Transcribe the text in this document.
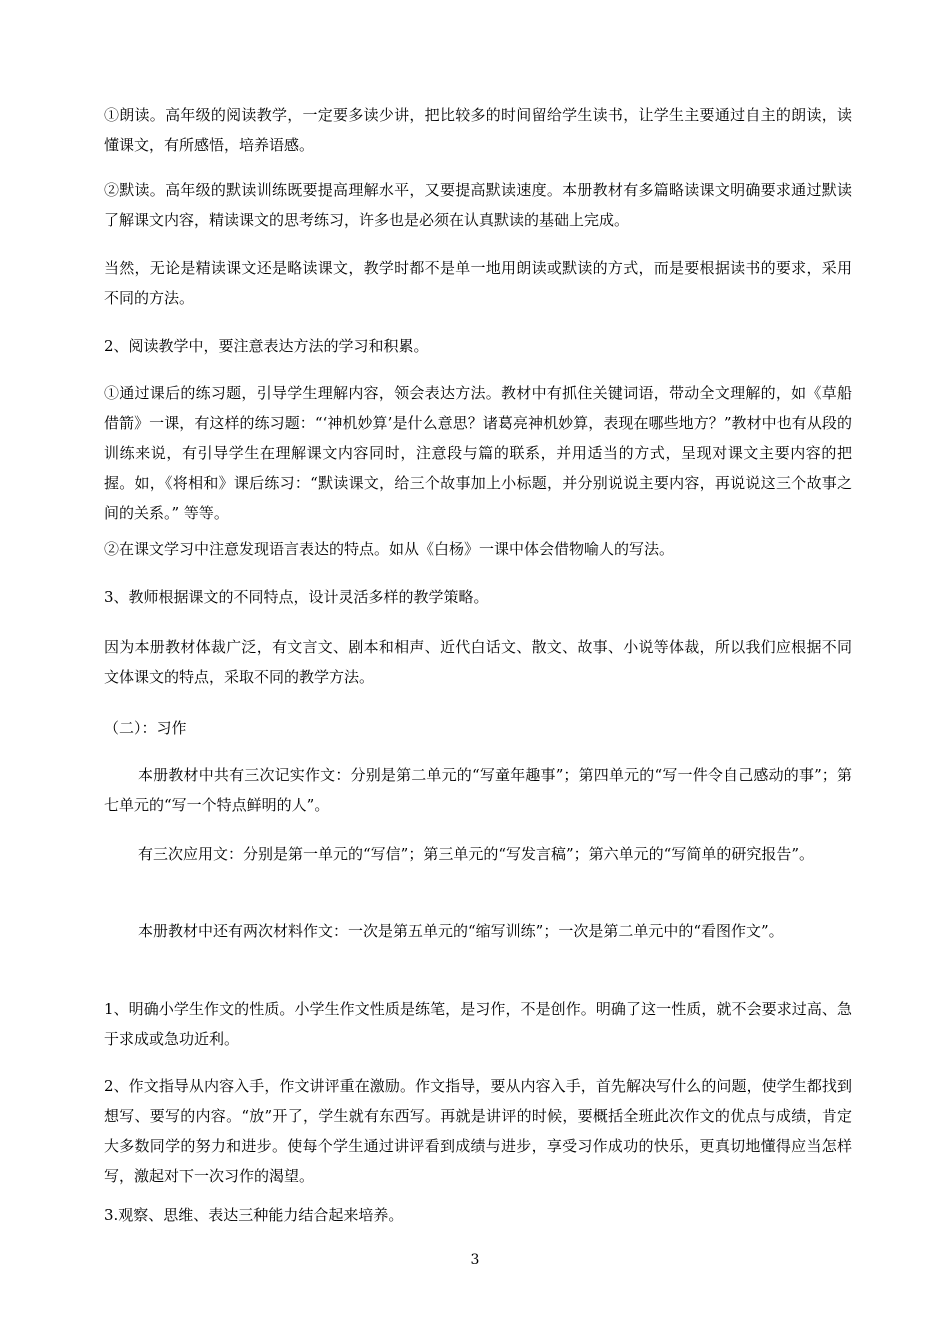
①朗读。高年级的阅读教学，一定要多读少讲，把比较多的时间留给学生读书，让学生主要通过自主的朗读，读懂课文，有所感悟，培养语感。

②默读。高年级的默读训练既要提高理解水平，又要提高默读速度。本册教材有多篇略读课文明确要求通过默读了解课文内容，精读课文的思考练习，许多也是必须在认真默读的基础上完成。

当然，无论是精读课文还是略读课文，教学时都不是单一地用朗读或默读的方式，而是要根据读书的要求，采用不同的方法。

2、阅读教学中，要注意表达方法的学习和积累。

①通过课后的练习题，引导学生理解内容，领会表达方法。教材中有抓住关键词语，带动全文理解的，如《草船借箭》一课，有这样的练习题：“‘神机妙算’是什么意思？诸葛亮神机妙算，表现在哪些地方？”教材中也有从段的训练来说，有引导学生在理解课文内容同时，注意段与篇的联系，并用适当的方式，呈现对课文主要内容的把握。如，《将相和》课后练习：“默读课文，给三个故事加上小标题，并分别说说主要内容，再说说这三个故事之间的关系。” 等等。

②在课文学习中注意发现语言表达的特点。如从《白杨》一课中体会借物喻人的写法。

3、教师根据课文的不同特点，设计灵活多样的教学策略。

因为本册教材体裁广泛，有文言文、剧本和相声、近代白话文、散文、故事、小说等体裁，所以我们应根据不同文体课文的特点，采取不同的教学方法。

（二）：习作

本册教材中共有三次记实作文：分别是第二单元的“写童年趣事”；第四单元的“写一件令自己感动的事”；第七单元的“写一个特点鲜明的人”。

有三次应用文：分别是第一单元的“写信”；第三单元的“写发言稿”；第六单元的“写简单的研究报告”。

本册教材中还有两次材料作文：一次是第五单元的“缩写训练”；一次是第二单元中的“看图作文”。

1、明确小学生作文的性质。小学生作文性质是练笔，是习作，不是创作。明确了这一性质，就不会要求过高、急于求成或急功近利。

2、作文指导从内容入手，作文讲评重在激励。作文指导，要从内容入手，首先解决写什么的问题，使学生都找到想写、要写的内容。“放”开了，学生就有东西写。再就是讲评的时候，要概括全班此次作文的优点与成绩，肯定大多数同学的努力和进步。使每个学生通过讲评看到成绩与进步，享受习作成功的快乐，更真切地懂得应当怎样写，激起对下一次习作的渴望。

3.观察、思维、表达三种能力结合起来培养。

3
